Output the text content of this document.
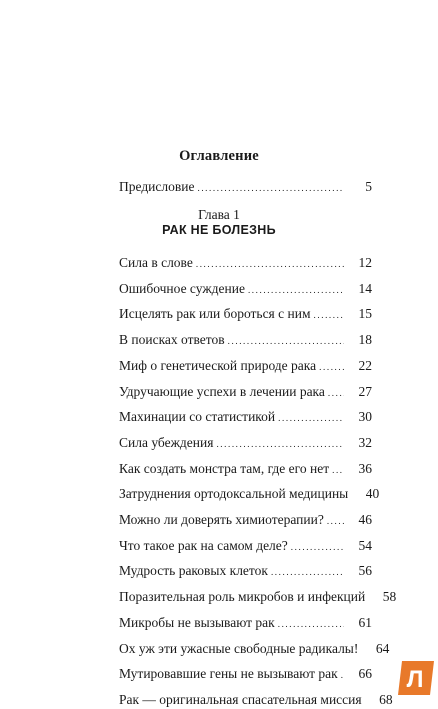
Оглавление
Предисловие .....	5
Глава 1
РАК НЕ БОЛЕЗНЬ
Сила в слове .....	12
Ошибочное суждение .....	14
Исцелять рак или бороться с ним .....	15
В поисках ответов .....	18
Миф о генетической природе рака .....	22
Удручающие успехи в лечении рака .....	27
Махинации со статистикой .....	30
Сила убеждения .....	32
Как создать монстра там, где его нет .....	36
Затруднения ортодоксальной медицины	40
Можно ли доверять химиотерапии? .....	46
Что такое рак на самом деле? .....	54
Мудрость раковых клеток .....	56
Поразительная роль микробов и инфекций	58
Микробы не вызывают рак .....	61
Ох уж эти ужасные свободные радикалы!	64
Мутировавшие гены не вызывают рак .....	66
Рак — оригинальная спасательная миссия	68
Л
